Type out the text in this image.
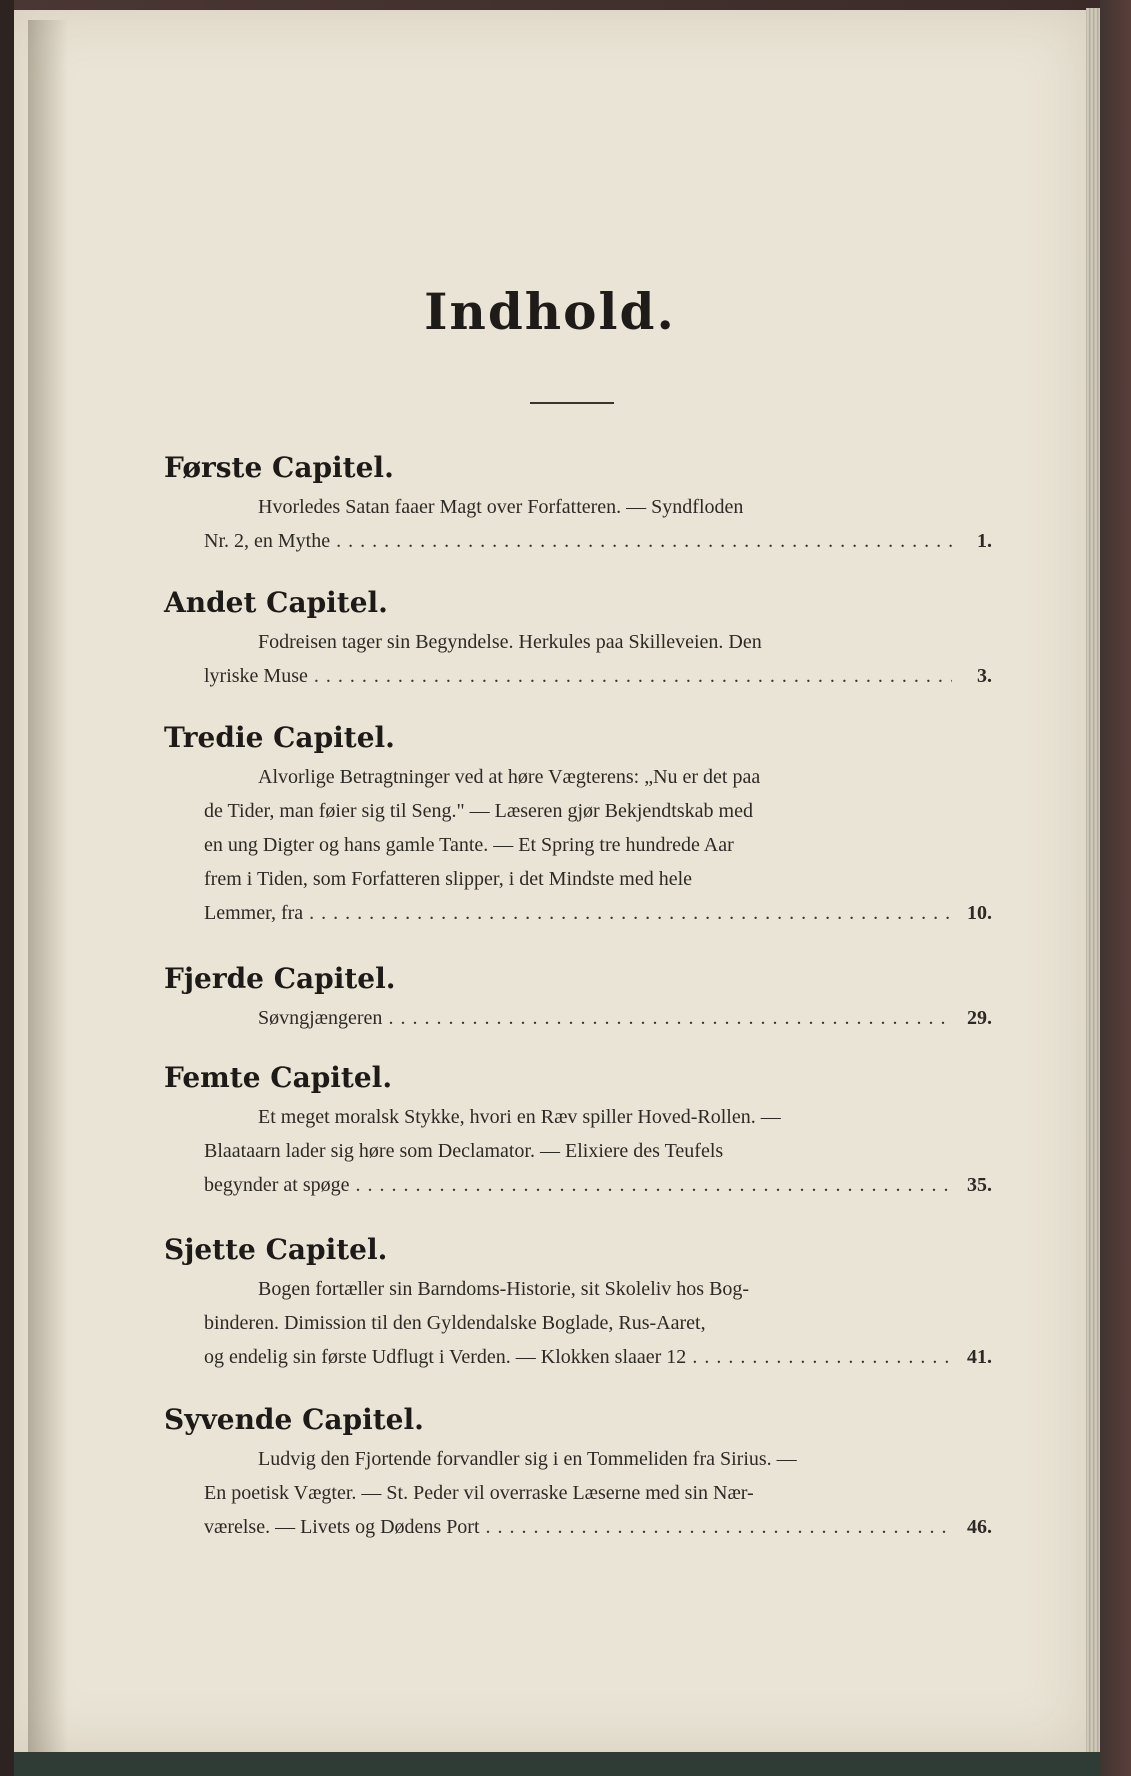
Indhold.
Første Capitel.
Hvorledes Satan faaer Magt over Forfatteren. — Syndfloden
Nr. 2, en Mythe . . .	1.
Andet Capitel.
Fodreisen tager sin Begyndelse. Herkules paa Skilleveien. Den
lyriske Muse . . .	3.
Tredie Capitel.
Alvorlige Betragtninger ved at høre Vægterens: „Nu er det paa
de Tider, man føier sig til Seng." — Læseren gjør Bekjendtskab med
en ung Digter og hans gamle Tante. — Et Spring tre hundrede Aar
frem i Tiden, som Forfatteren slipper, i det Mindste med hele
Lemmer, fra . . .	10.
Fjerde Capitel.
Søvngjængeren . . .	29.
Femte Capitel.
Et meget moralsk Stykke, hvori en Ræv spiller Hoved-Rollen. —
Blaataarn lader sig høre som Declamator. — Elixiere des Teufels
begynder at spøge . . .	35.
Sjette Capitel.
Bogen fortæller sin Barndoms-Historie, sit Skoleliv hos Bog-
binderen. Dimission til den Gyldendalske Boglade, Rus-Aaret,
og endelig sin første Udflugt i Verden. — Klokken slaaer 12 . . .	41.
Syvende Capitel.
Ludvig den Fjortende forvandler sig i en Tommeliden fra Sirius. —
En poetisk Vægter. — St. Peder vil overraske Læserne med sin Nær-
værelse. — Livets og Dødens Port . . .	46.
